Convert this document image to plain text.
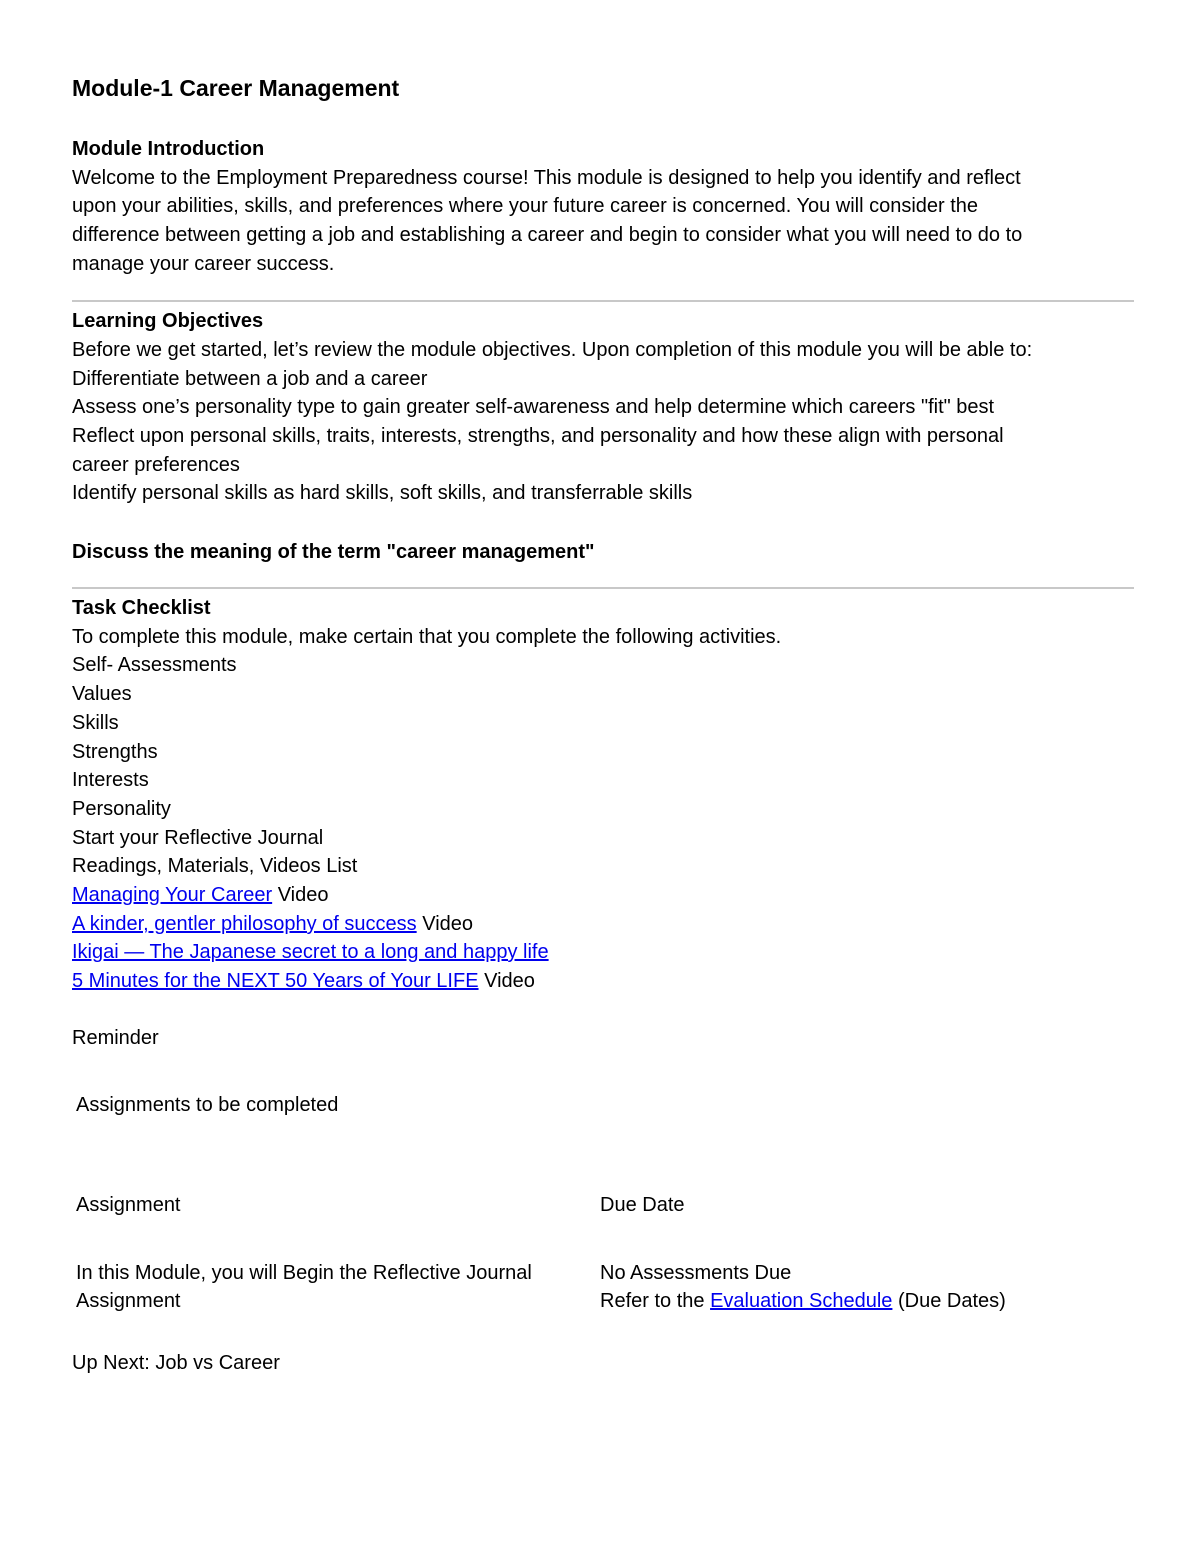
Module-1 Career Management
Module Introduction
Welcome to the Employment Preparedness course! This module is designed to help you identify and reflect
upon your abilities, skills, and preferences where your future career is concerned. You will consider the
difference between getting a job and establishing a career and begin to consider what you will need to do to
manage your career success.
Learning Objectives
Before we get started, let’s review the module objectives. Upon completion of this module you will be able to:
Differentiate between a job and a career
Assess one’s personality type to gain greater self-awareness and help determine which careers "fit" best
Reflect upon personal skills, traits, interests, strengths, and personality and how these align with personal
career preferences
Identify personal skills as hard skills, soft skills, and transferrable skills
Discuss the meaning of the term "career management"
Task Checklist
To complete this module, make certain that you complete the following activities.
Self- Assessments
Values
Skills
Strengths
Interests
Personality
Start your Reflective Journal
Readings, Materials, Videos List
Managing Your Career Video
A kinder, gentler philosophy of success Video
Ikigai — The Japanese secret to a long and happy life
5 Minutes for the NEXT 50 Years of Your LIFE Video
Reminder
Assignments to be completed
Assignment	Due Date
In this Module, you will Begin the Reflective Journal
Assignment
No Assessments Due
Refer to the Evaluation Schedule (Due Dates)
Up Next: Job vs Career
